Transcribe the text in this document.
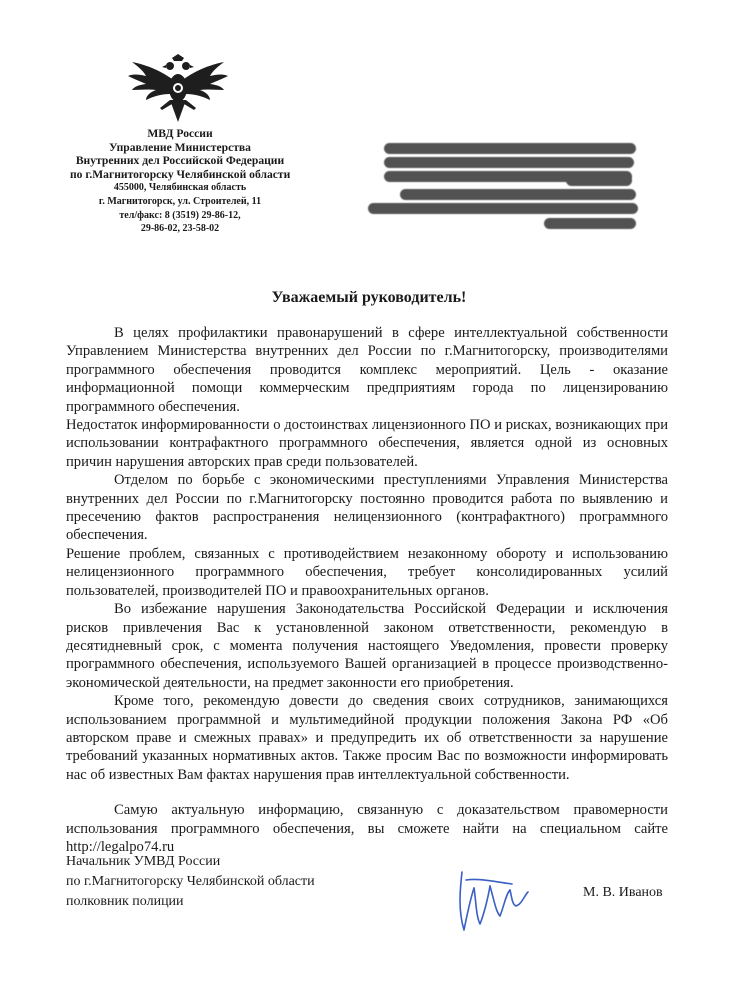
МВД России
Управление Министерства
Внутренних дел Российской Федерации
по г.Магнитогорску Челябинской области
455000, Челябинская область
г. Магнитогорск, ул. Строителей, 11
тел/факс: 8 (3519) 29-86-12,
29-86-02, 23-58-02
Уважаемый руководитель!

В целях профилактики правонарушений в сфере интеллектуальной собственности Управлением Министерства внутренних дел России по г.Магнитогорску, производителями программного обеспечения проводится комплекс мероприятий. Цель - оказание информационной помощи коммерческим предприятиям города по лицензированию программного обеспечения.

Недостаток информированности о достоинствах лицензионного ПО и рисках, возникающих при использовании контрафактного программного обеспечения, является одной из основных причин нарушения авторских прав среди пользователей.

Отделом по борьбе с экономическими преступлениями Управления Министерства внутренних дел России по г.Магнитогорску постоянно проводится работа по выявлению и пресечению фактов распространения нелицензионного (контрафактного) программного обеспечения.

Решение проблем, связанных с противодействием незаконному обороту и использованию нелицензионного программного обеспечения, требует консолидированных усилий пользователей, производителей ПО и правоохранительных органов.

Во избежание нарушения Законодательства Российской Федерации и исключения рисков привлечения Вас к установленной законом ответственности, рекомендую в десятидневный срок, с момента получения настоящего Уведомления, провести проверку программного обеспечения, используемого Вашей организацией в процессе производственно-экономической деятельности, на предмет законности его приобретения.

Кроме того, рекомендую довести до сведения своих сотрудников, занимающихся использованием программной и мультимедийной продукции положения Закона РФ «Об авторском праве и смежных правах» и предупредить их об ответственности за нарушение требований указанных нормативных актов. Также просим Вас по возможности информировать нас об известных Вам фактах нарушения прав интеллектуальной собственности.

Самую актуальную информацию, связанную с доказательством правомерности использования программного обеспечения, вы сможете найти на специальном сайте http://legalpo74.ru

Начальник УМВД России
по г.Магнитогорску Челябинской области
полковник полиции
М. В. Иванов
